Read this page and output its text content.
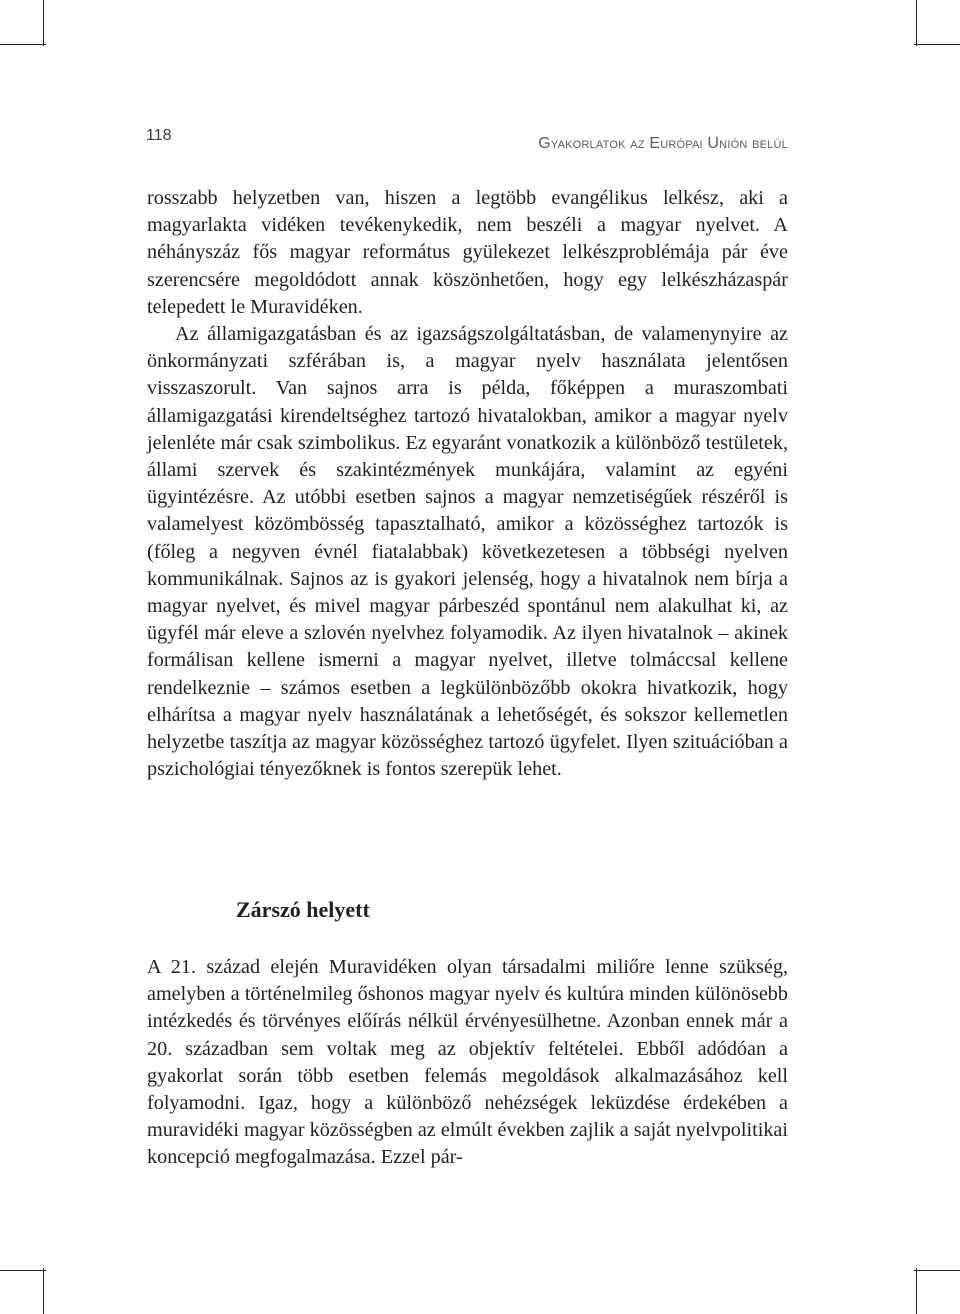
118	Gyakorlatok az Európai Unión belül

rosszabb helyzetben van, hiszen a legtöbb evangélikus lelkész, aki a magyarlakta vidéken tevékenykedik, nem beszéli a magyar nyelvet. A néhányszáz fős magyar református gyülekezet lelkészproblémája pár éve szerencsére megoldódott annak köszönhetően, hogy egy lelkészházaspár telepedett le Muravidéken.

Az államigazgatásban és az igazságszolgáltatásban, de valamenynyire az önkormányzati szférában is, a magyar nyelv használata jelentősen visszaszorult. Van sajnos arra is példa, főképpen a muraszombati államigazgatási kirendeltséghez tartozó hivatalokban, amikor a magyar nyelv jelenléte már csak szimbolikus. Ez egyaránt vonatkozik a különböző testületek, állami szervek és szakintézmények munkájára, valamint az egyéni ügyintézésre. Az utóbbi esetben sajnos a magyar nemzetiségűek részéről is valamelyest közömbösség tapasztalható, amikor a közösséghez tartozók is (főleg a negyven évnél fiatalabbak) következetesen a többségi nyelven kommunikálnak. Sajnos az is gyakori jelenség, hogy a hivatalnok nem bírja a magyar nyelvet, és mivel magyar párbeszéd spontánul nem alakulhat ki, az ügyfél már eleve a szlovén nyelvhez folyamodik. Az ilyen hivatalnok – akinek formálisan kellene ismerni a magyar nyelvet, illetve tolmáccsal kellene rendelkeznie – számos esetben a legkülönbözőbb okokra hivatkozik, hogy elhárítsa a magyar nyelv használatának a lehetőségét, és sokszor kellemetlen helyzetbe taszítja az magyar közösséghez tartozó ügyfelet. Ilyen szituációban a pszichológiai tényezőknek is fontos szerepük lehet.

Zárszó helyett

A 21. század elején Muravidéken olyan társadalmi miliőre lenne szükség, amelyben a történelmileg őshonos magyar nyelv és kultúra minden különösebb intézkedés és törvényes előírás nélkül érvényesülhetne. Azonban ennek már a 20. században sem voltak meg az objektív feltételei. Ebből adódóan a gyakorlat során több esetben felemás megoldások alkalmazásához kell folyamodni. Igaz, hogy a különböző nehézségek leküzdése érdekében a muravidéki magyar közösségben az elmúlt években zajlik a saját nyelvpolitikai koncepció megfogalmazása. Ezzel pár-
